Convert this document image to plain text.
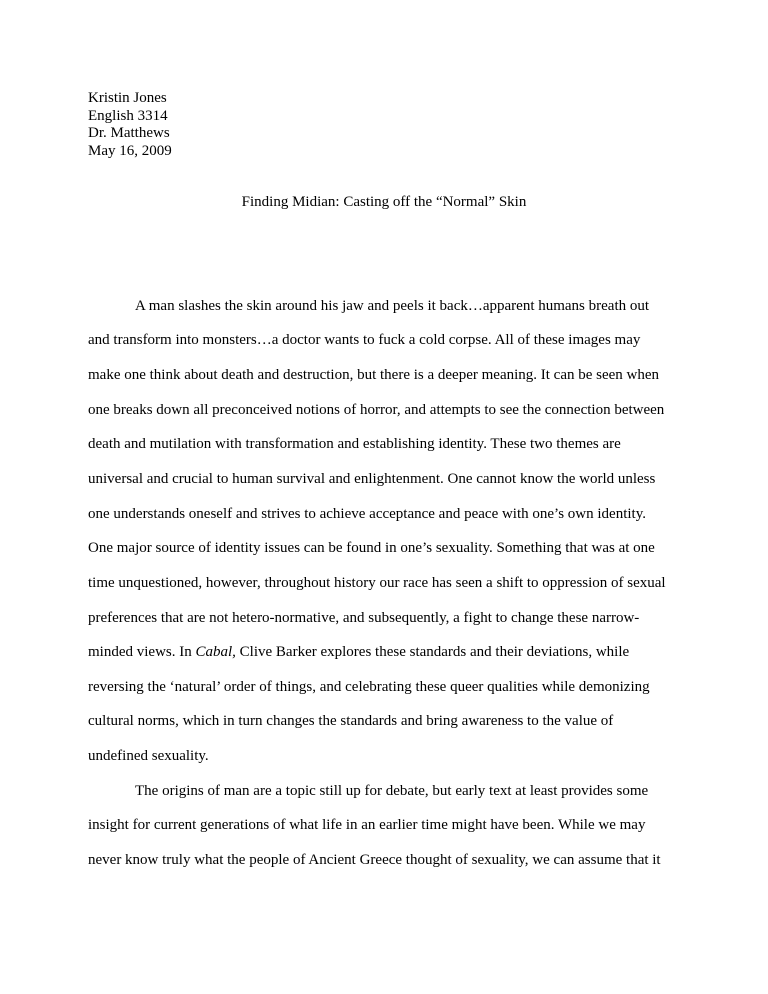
Kristin Jones
English 3314
Dr. Matthews
May 16, 2009
Finding Midian: Casting off the “Normal” Skin
A man slashes the skin around his jaw and peels it back…apparent humans breath out
and transform into monsters…a doctor wants to fuck a cold corpse. All of these images may
make one think about death and destruction, but there is a deeper meaning. It can be seen when
one breaks down all preconceived notions of horror, and attempts to see the connection between
death and mutilation with transformation and establishing identity. These two themes are
universal and crucial to human survival and enlightenment. One cannot know the world unless
one understands oneself and strives to achieve acceptance and peace with one’s own identity.
One major source of identity issues can be found in one’s sexuality. Something that was at one
time unquestioned, however, throughout history our race has seen a shift to oppression of sexual
preferences that are not hetero-normative, and subsequently, a fight to change these narrow-
minded views. In Cabal, Clive Barker explores these standards and their deviations, while
reversing the ‘natural’ order of things, and celebrating these queer qualities while demonizing
cultural norms, which in turn changes the standards and bring awareness to the value of
undefined sexuality.
The origins of man are a topic still up for debate, but early text at least provides some
insight for current generations of what life in an earlier time might have been. While we may
never know truly what the people of Ancient Greece thought of sexuality, we can assume that it
